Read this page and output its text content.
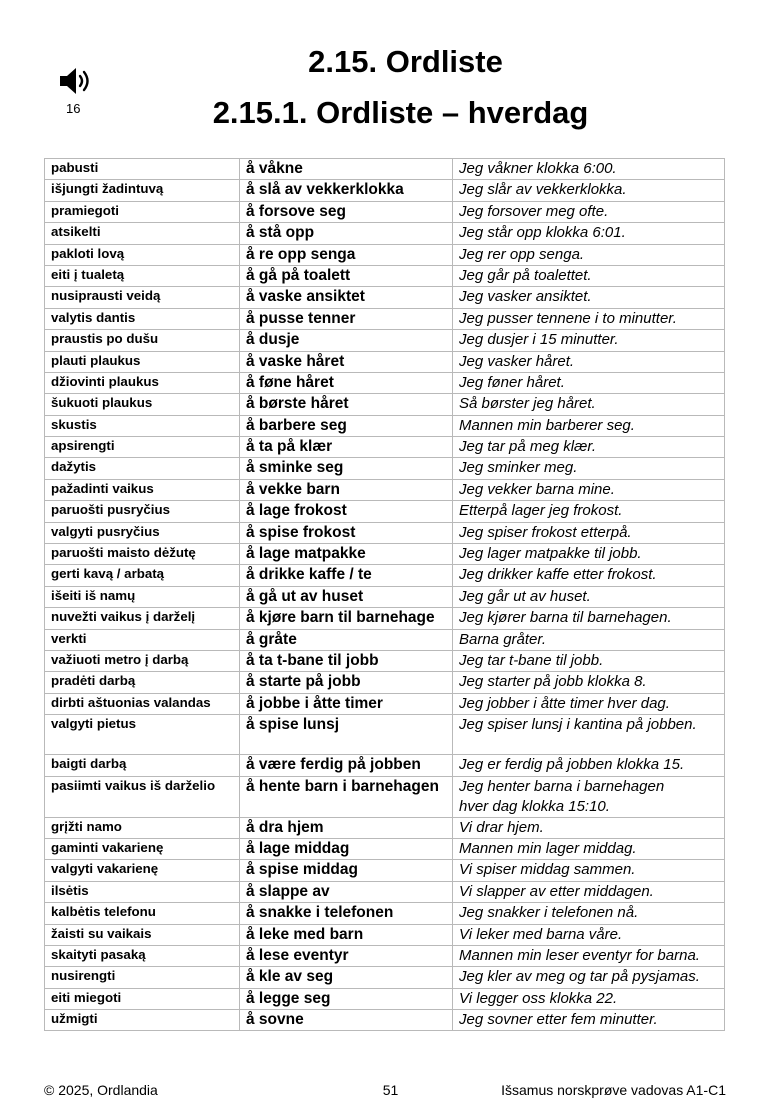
16
2.15. Ordliste
2.15.1. Ordliste – hverdag
pabusti	å våkne	Jeg våkner klokka 6:00.
išjungti žadintuvą	å slå av vekkerklokka	Jeg slår av vekkerklokka.
pramiegoti	å forsove seg	Jeg forsover meg ofte.
atsikelti	å stå opp	Jeg står opp klokka 6:01.
pakloti lovą	å re opp senga	Jeg rer opp senga.
eiti į tualetą	å gå på toalett	Jeg går på toalettet.
nusiprausti veidą	å vaske ansiktet	Jeg vasker ansiktet.
valytis dantis	å pusse tenner	Jeg pusser tennene i to minutter.
praustis po dušu	å dusje	Jeg dusjer i 15 minutter.
plauti plaukus	å vaske håret	Jeg vasker håret.
džiovinti plaukus	å føne håret	Jeg føner håret.
šukuoti plaukus	å børste håret	Så børster jeg håret.
skustis	å barbere seg	Mannen min barberer seg.
apsirengti	å ta på klær	Jeg tar på meg klær.
dažytis	å sminke seg	Jeg sminker meg.
pažadinti vaikus	å vekke barn	Jeg vekker barna mine.
paruošti pusryčius	å lage frokost	Etterpå lager jeg frokost.
valgyti pusryčius	å spise frokost	Jeg spiser frokost etterpå.
paruošti maisto dėžutę	å lage matpakke	Jeg lager matpakke til jobb.
gerti kavą / arbatą	å drikke kaffe / te	Jeg drikker kaffe etter frokost.
išeiti iš namų	å gå ut av huset	Jeg går ut av huset.
nuvežti vaikus į darželį	å kjøre barn til barnehage	Jeg kjører barna til barnehagen.
verkti	å gråte	Barna gråter.
važiuoti metro į darbą	å ta t-bane til jobb	Jeg tar t-bane til jobb.
pradėti darbą	å starte på jobb	Jeg starter på jobb klokka 8.
dirbti aštuonias valandas	å jobbe i åtte timer	Jeg jobber i åtte timer hver dag.
valgyti pietus	å spise lunsj	Jeg spiser lunsj i kantina på jobben.
baigti darbą	å være ferdig på jobben	Jeg er ferdig på jobben klokka 15.
pasiimti vaikus iš darželio	å hente barn i barnehagen	Jeg henter barna i barnehagen
hver dag klokka 15:10.

grįžti namo	å dra hjem	Vi drar hjem.
gaminti vakarienę	å lage middag	Mannen min lager middag.
valgyti vakarienę	å spise middag	Vi spiser middag sammen.
ilsėtis	å slappe av	Vi slapper av etter middagen.
kalbėtis telefonu	å snakke i telefonen	Jeg snakker i telefonen nå.
žaisti su vaikais	å leke med barn	Vi leker med barna våre.
skaityti pasaką	å lese eventyr	Mannen min leser eventyr for barna.
nusirengti	å kle av seg	Jeg kler av meg og tar på pysjamas.
eiti miegoti	å legge seg	Vi legger oss klokka 22.
užmigti	å sovne	Jeg sovner etter fem minutter.
© 2025, Ordlandia	51	Išsamus norskprøve vadovas A1-C1
